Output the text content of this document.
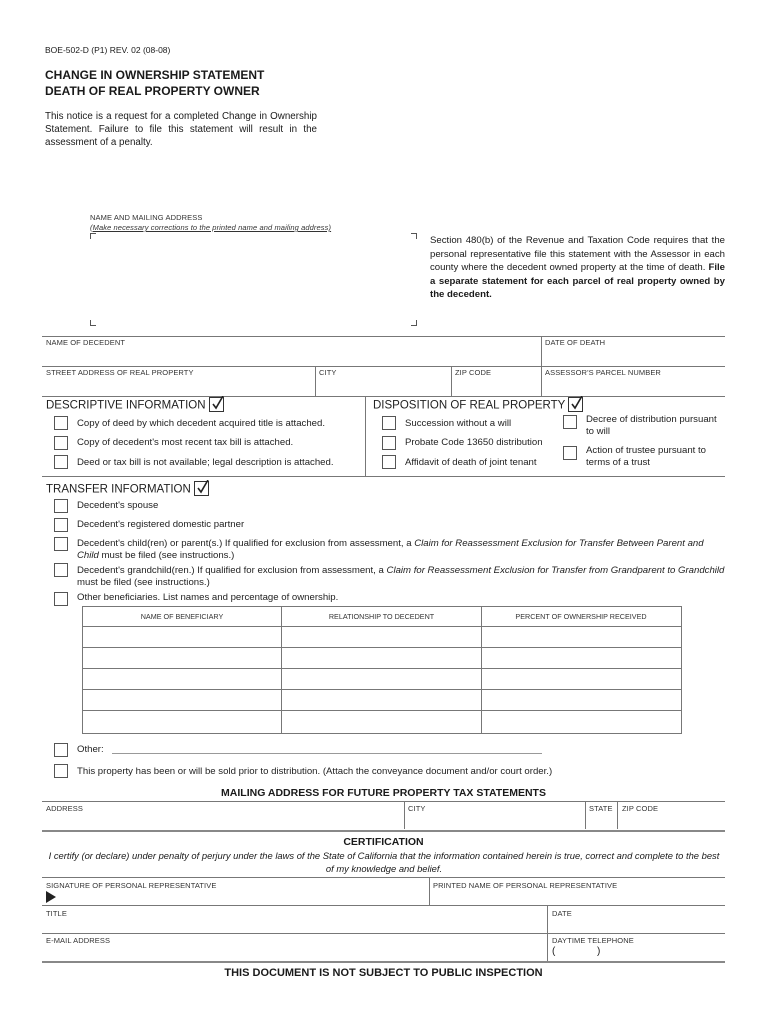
BOE-502-D (P1) REV. 02 (08-08)
CHANGE IN OWNERSHIP STATEMENT
DEATH OF REAL PROPERTY OWNER
This notice is a request for a completed Change in Ownership Statement. Failure to file this statement will result in the assessment of a penalty.
NAME AND MAILING ADDRESS
(Make necessary corrections to the printed name and mailing address)
Section 480(b) of the Revenue and Taxation Code requires that the personal representative file this statement with the Assessor in each county where the decedent owned property at the time of death. File a separate statement for each parcel of real property owned by the decedent.
NAME OF DECEDENT	DATE OF DEATH
STREET ADDRESS OF REAL PROPERTY	CITY	ZIP CODE	ASSESSOR'S PARCEL NUMBER
DESCRIPTIVE INFORMATION
Copy of deed by which decedent acquired title is attached.
Copy of decedent's most recent tax bill is attached.
Deed or tax bill is not available; legal description is attached.
DISPOSITION OF REAL PROPERTY
Succession without a will
Probate Code 13650 distribution
Affidavit of death of joint tenant
Decree of distribution pursuant to will
Action of trustee pursuant to terms of a trust
TRANSFER INFORMATION
Decedent's spouse
Decedent's registered domestic partner
Decedent's child(ren) or parent(s.) If qualified for exclusion from assessment, a Claim for Reassessment Exclusion for Transfer Between Parent and Child must be filed (see instructions.)
Decedent's grandchild(ren.) If qualified for exclusion from assessment, a Claim for Reassessment Exclusion for Transfer from Grandparent to Grandchild must be filed (see instructions.)
Other beneficiaries. List names and percentage of ownership.
NAME OF BENEFICIARY	RELATIONSHIP TO DECEDENT	PERCENT OF OWNERSHIP RECEIVED
Other:
This property has been or will be sold prior to distribution. (Attach the conveyance document and/or court order.)
MAILING ADDRESS FOR FUTURE PROPERTY TAX STATEMENTS
ADDRESS	CITY	STATE ZIP CODE
CERTIFICATION
I certify (or declare) under penalty of perjury under the laws of the State of California that the information contained herein is true, correct and complete to the best of my knowledge and belief.
SIGNATURE OF PERSONAL REPRESENTATIVE	PRINTED NAME OF PERSONAL REPRESENTATIVE
TITLE	DATE
E-MAIL ADDRESS	DAYTIME TELEPHONE
(	)
THIS DOCUMENT IS NOT SUBJECT TO PUBLIC INSPECTION
